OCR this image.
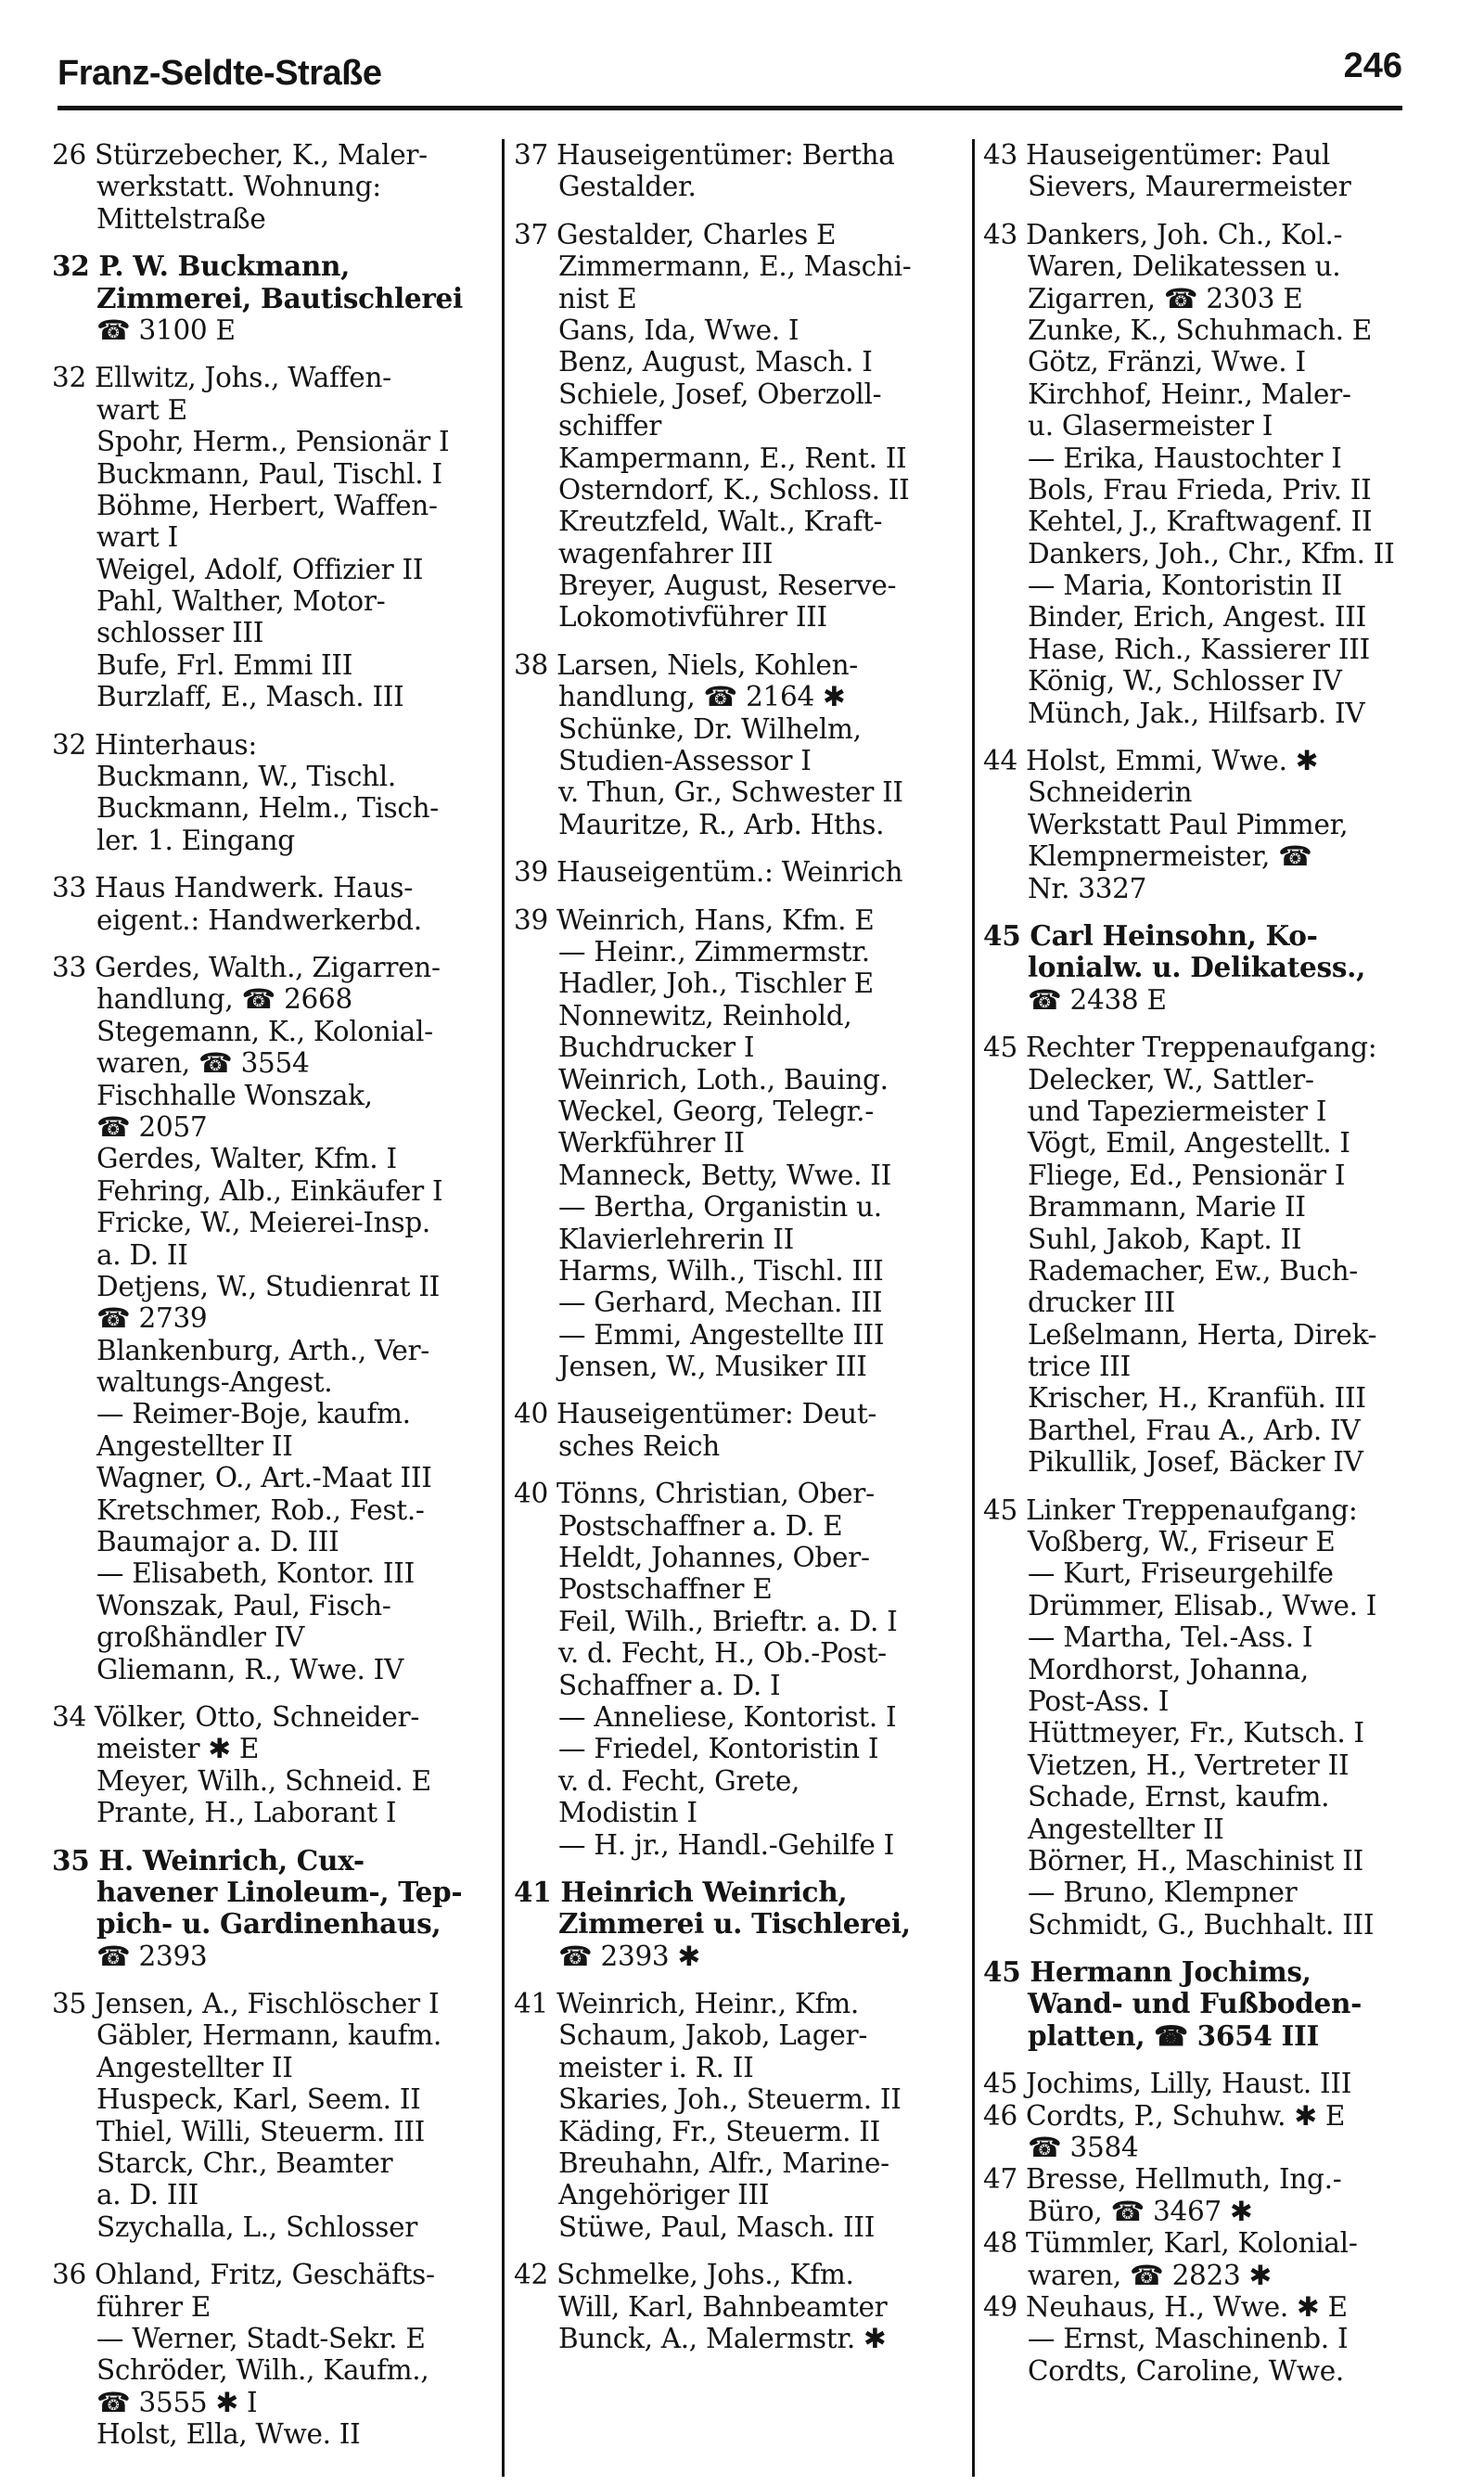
Franz-Seldte-Straße	246
26 Stürzebecher, K., Maler-
werkstatt. Wohnung:
Mittelstraße
32 P. W. Buckmann,
Zimmerei, Bautischlerei
☎ 3100 E
32 Ellwitz, Johs., Waffen-
wart E
Spohr, Herm., Pensionär I
Buckmann, Paul, Tischl. I
Böhme, Herbert, Waffen-
wart I
Weigel, Adolf, Offizier II
Pahl, Walther, Motor-
schlosser III
Bufe, Frl. Emmi III
Burzlaff, E., Masch. III
32 Hinterhaus:
Buckmann, W., Tischl.
Buckmann, Helm., Tisch-
ler. 1. Eingang
33 Haus Handwerk. Haus-
eigent.: Handwerkerbd.
33 Gerdes, Walth., Zigarren-
handlung, ☎ 2668
Stegemann, K., Kolonial-
waren, ☎ 3554
Fischhalle Wonszak,
☎ 2057
Gerdes, Walter, Kfm. I
Fehring, Alb., Einkäufer I
Fricke, W., Meierei-Insp.
a. D. II
Detjens, W., Studienrat II
☎ 2739
Blankenburg, Arth., Ver-
waltungs-Angest.
— Reimer-Boje, kaufm.
Angestellter II
Wagner, O., Art.-Maat III
Kretschmer, Rob., Fest.-
Baumajor a. D. III
— Elisabeth, Kontor. III
Wonszak, Paul, Fisch-
großhändler IV
Gliemann, R., Wwe. IV
34 Völker, Otto, Schneider-
meister ✱ E
Meyer, Wilh., Schneid. E
Prante, H., Laborant I
35 H. Weinrich, Cux-
havener Linoleum-, Tep-
pich- u. Gardinenhaus,
☎ 2393
35 Jensen, A., Fischlöscher I
Gäbler, Hermann, kaufm.
Angestellter II
Huspeck, Karl, Seem. II
Thiel, Willi, Steuerm. III
Starck, Chr., Beamter
a. D. III
Szychalla, L., Schlosser
36 Ohland, Fritz, Geschäfts-
führer E
— Werner, Stadt-Sekr. E
Schröder, Wilh., Kaufm.,
☎ 3555 ✱ I
Holst, Ella, Wwe. II
37 Hauseigentümer: Bertha
Gestalder.
37 Gestalder, Charles E
Zimmermann, E., Maschi-
nist E
Gans, Ida, Wwe. I
Benz, August, Masch. I
Schiele, Josef, Oberzoll-
schiffer
Kampermann, E., Rent. II
Osterndorf, K., Schloss. II
Kreutzfeld, Walt., Kraft-
wagenfahrer III
Breyer, August, Reserve-
Lokomotivführer III
38 Larsen, Niels, Kohlen-
handlung, ☎ 2164 ✱
Schünke, Dr. Wilhelm,
Studien-Assessor I
v. Thun, Gr., Schwester II
Mauritze, R., Arb. Hths.
39 Hauseigentüm.: Weinrich
39 Weinrich, Hans, Kfm. E
— Heinr., Zimmermstr.
Hadler, Joh., Tischler E
Nonnewitz, Reinhold,
Buchdrucker I
Weinrich, Loth., Bauing.
Weckel, Georg, Telegr.-
Werkführer II
Manneck, Betty, Wwe. II
— Bertha, Organistin u.
Klavierlehrerin II
Harms, Wilh., Tischl. III
— Gerhard, Mechan. III
— Emmi, Angestellte III
Jensen, W., Musiker III
40 Hauseigentümer: Deut-
sches Reich
40 Tönns, Christian, Ober-
Postschaffner a. D. E
Heldt, Johannes, Ober-
Postschaffner E
Feil, Wilh., Brieftr. a. D. I
v. d. Fecht, H., Ob.-Post-
Schaffner a. D. I
— Anneliese, Kontorist. I
— Friedel, Kontoristin I
v. d. Fecht, Grete,
Modistin I
— H. jr., Handl.-Gehilfe I
41 Heinrich Weinrich,
Zimmerei u. Tischlerei,
☎ 2393 ✱
41 Weinrich, Heinr., Kfm.
Schaum, Jakob, Lager-
meister i. R. II
Skaries, Joh., Steuerm. II
Käding, Fr., Steuerm. II
Breuhahn, Alfr., Marine-
Angehöriger III
Stüwe, Paul, Masch. III
42 Schmelke, Johs., Kfm.
Will, Karl, Bahnbeamter
Bunck, A., Malermstr. ✱
43 Hauseigentümer: Paul
Sievers, Maurermeister
43 Dankers, Joh. Ch., Kol.-
Waren, Delikatessen u.
Zigarren, ☎ 2303 E
Zunke, K., Schuhmach. E
Götz, Fränzi, Wwe. I
Kirchhof, Heinr., Maler-
u. Glasermeister I
— Erika, Haustochter I
Bols, Frau Frieda, Priv. II
Kehtel, J., Kraftwagenf. II
Dankers, Joh., Chr., Kfm. II
— Maria, Kontoristin II
Binder, Erich, Angest. III
Hase, Rich., Kassierer III
König, W., Schlosser IV
Münch, Jak., Hilfsarb. IV
44 Holst, Emmi, Wwe. ✱
Schneiderin
Werkstatt Paul Pimmer,
Klempnermeister, ☎
Nr. 3327
45 Carl Heinsohn, Ko-
lonialw. u. Delikatess.,
☎ 2438 E
45 Rechter Treppenaufgang:
Delecker, W., Sattler-
und Tapeziermeister I
Vögt, Emil, Angestellt. I
Fliege, Ed., Pensionär I
Brammann, Marie II
Suhl, Jakob, Kapt. II
Rademacher, Ew., Buch-
drucker III
Leßelmann, Herta, Direk-
trice III
Krischer, H., Kranfüh. III
Barthel, Frau A., Arb. IV
Pikullik, Josef, Bäcker IV
45 Linker Treppenaufgang:
Voßberg, W., Friseur E
— Kurt, Friseurgehilfe
Drümmer, Elisab., Wwe. I
— Martha, Tel.-Ass. I
Mordhorst, Johanna,
Post-Ass. I
Hüttmeyer, Fr., Kutsch. I
Vietzen, H., Vertreter II
Schade, Ernst, kaufm.
Angestellter II
Börner, H., Maschinist II
— Bruno, Klempner
Schmidt, G., Buchhalt. III
45 Hermann Jochims,
Wand- und Fußboden-
platten, ☎ 3654 III
45 Jochims, Lilly, Haust. III
46 Cordts, P., Schuhw. ✱ E
☎ 3584
47 Bresse, Hellmuth, Ing.-
Büro, ☎ 3467 ✱
48 Tümmler, Karl, Kolonial-
waren, ☎ 2823 ✱
49 Neuhaus, H., Wwe. ✱ E
— Ernst, Maschinenb. I
Cordts, Caroline, Wwe.
